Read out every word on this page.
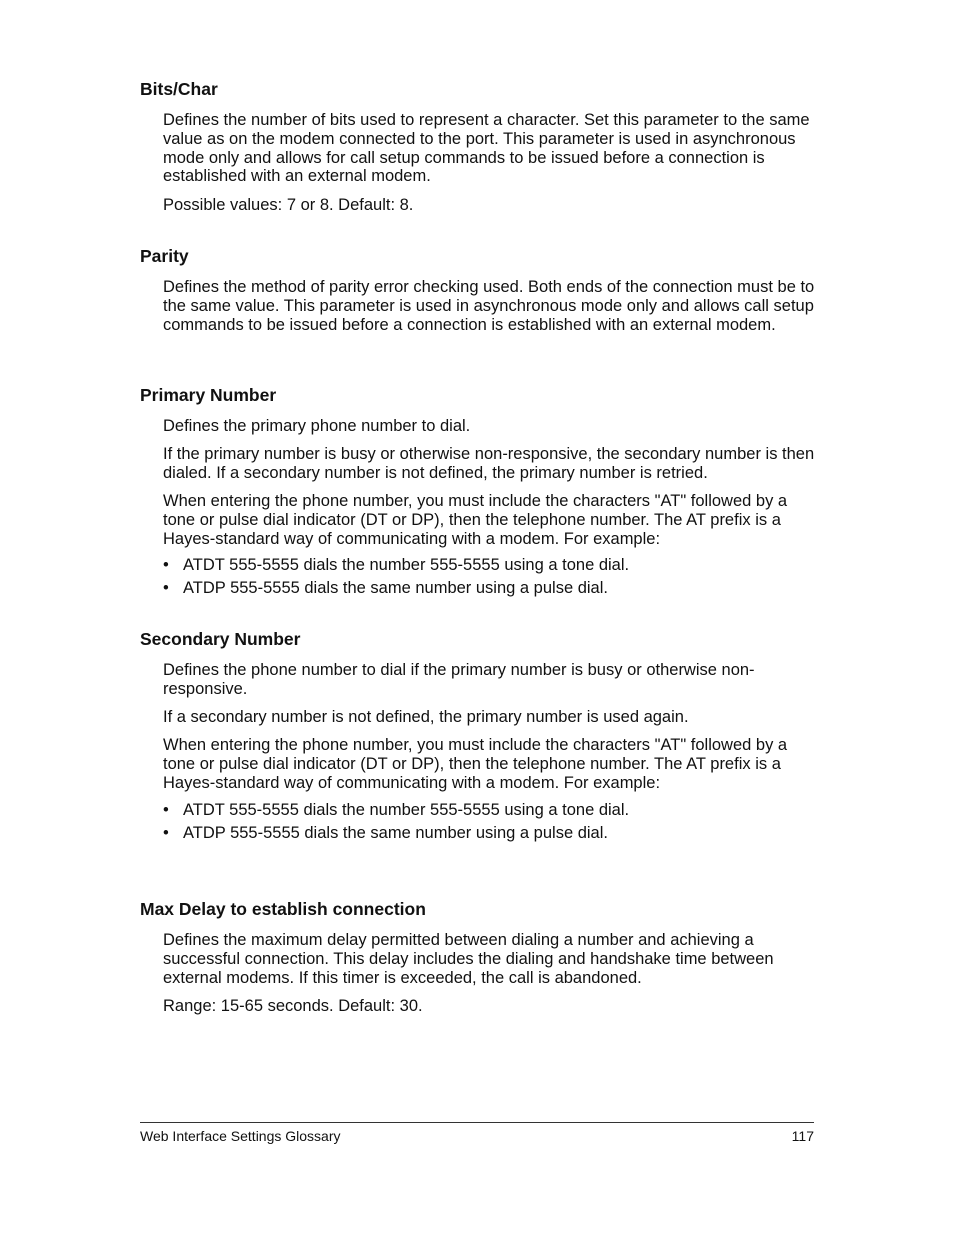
Bits/Char

Defines the number of bits used to represent a character. Set this parameter to the same value as on the modem connected to the port. This parameter is used in asynchronous mode only and allows for call setup commands to be issued before a connection is established with an external modem.

Possible values: 7 or 8. Default: 8.

Parity

Defines the method of parity error checking used. Both ends of the connection must be to the same value. This parameter is used in asynchronous mode only and allows call setup commands to be issued before a connection is established with an external modem.

Primary Number

Defines the primary phone number to dial.

If the primary number is busy or otherwise non-responsive, the secondary number is then dialed. If a secondary number is not defined, the primary number is retried.

When entering the phone number, you must include the characters "AT" followed by a tone or pulse dial indicator (DT or DP), then the telephone number. The AT prefix is a Hayes-standard way of communicating with a modem. For example:

• ATDT 555-5555 dials the number 555-5555 using a tone dial.
• ATDP 555-5555 dials the same number using a pulse dial.
Secondary Number

Defines the phone number to dial if the primary number is busy or otherwise non-responsive.

If a secondary number is not defined, the primary number is used again.

When entering the phone number, you must include the characters "AT" followed by a tone or pulse dial indicator (DT or DP), then the telephone number. The AT prefix is a Hayes-standard way of communicating with a modem. For example:

• ATDT 555-5555 dials the number 555-5555 using a tone dial.
• ATDP 555-5555 dials the same number using a pulse dial.
Max Delay to establish connection

Defines the maximum delay permitted between dialing a number and achieving a successful connection. This delay includes the dialing and handshake time between external modems. If this timer is exceeded, the call is abandoned.

Range: 15-65 seconds. Default: 30.

Web Interface Settings Glossary	117
